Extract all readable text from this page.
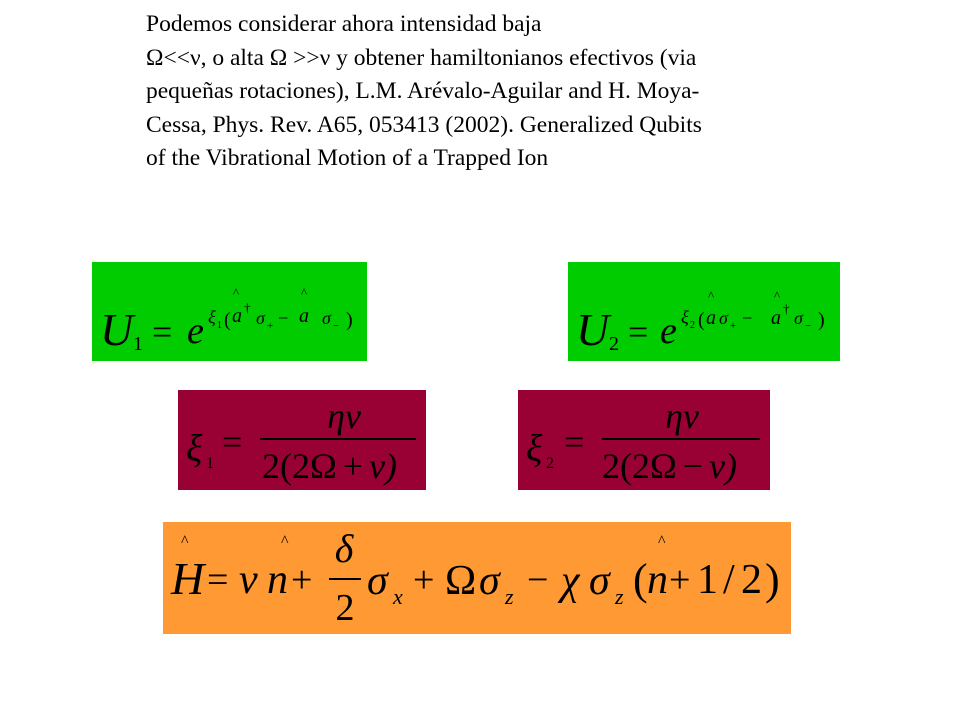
Podemos considerar ahora intensidad baja
Ω<<ν, o alta Ω >>ν y obtener hamiltonianos efectivos (via
pequeñas rotaciones), L.M. Arévalo-Aguilar and H. Moya-
Cessa, Phys. Rev. A65, 053413 (2002). Generalized Qubits
of the Vibrational Motion of a Trapped Ion
U 1 = e ξ 1 (
^
a †
σ + −
^
a σ − )	U 2 = e ξ 2 (
^
a σ + −
^
a † σ − )
ξ 1
=
ην
2(2Ω + ν)	ξ 2
=
ην
2(2Ω − ν)
^	^	^
H = ν n +
δ
2
σ x + Ω σ z − χ σ z ( n + 1 / 2 )
